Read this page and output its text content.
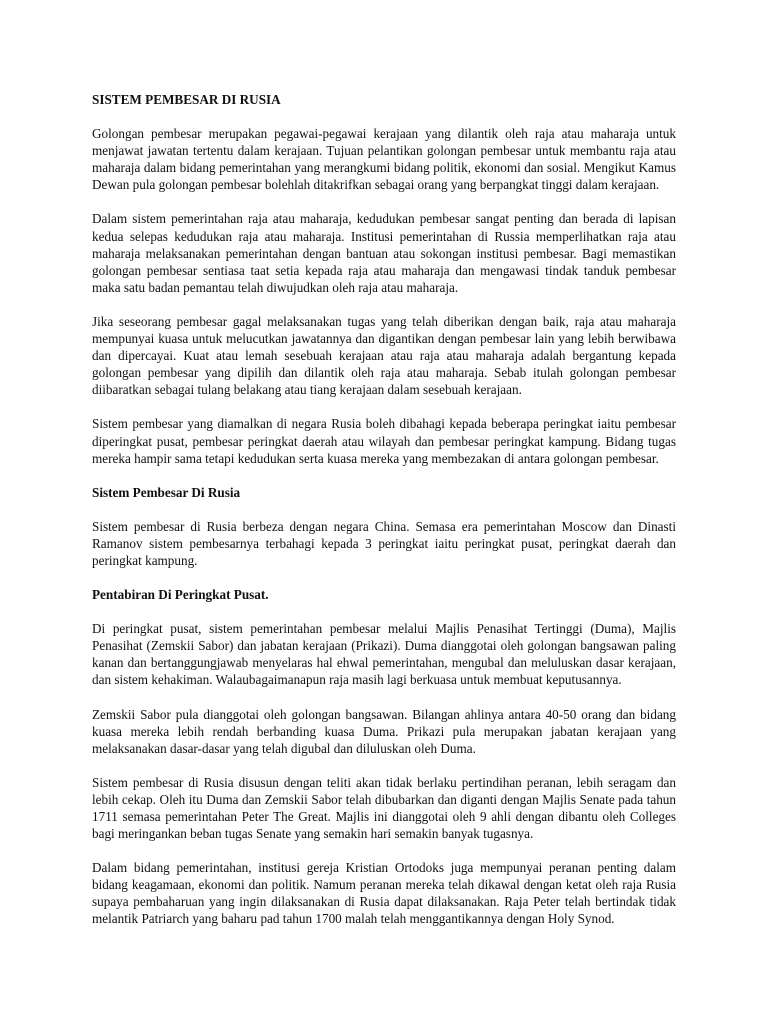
SISTEM PEMBESAR DI RUSIA

Golongan pembesar merupakan pegawai-pegawai kerajaan yang dilantik oleh raja atau maharaja untuk menjawat jawatan tertentu dalam kerajaan. Tujuan pelantikan golongan pembesar untuk membantu raja atau maharaja dalam bidang pemerintahan yang merangkumi bidang politik, ekonomi dan sosial. Mengikut Kamus Dewan pula golongan pembesar bolehlah ditakrifkan sebagai orang yang berpangkat tinggi dalam kerajaan.

Dalam sistem pemerintahan raja atau maharaja, kedudukan pembesar sangat penting dan berada di lapisan kedua selepas kedudukan raja atau maharaja. Institusi pemerintahan di Russia memperlihatkan raja atau maharaja melaksanakan pemerintahan dengan bantuan atau sokongan institusi pembesar. Bagi memastikan golongan pembesar sentiasa taat setia kepada raja atau maharaja dan mengawasi tindak tanduk pembesar maka satu badan pemantau telah diwujudkan oleh raja atau maharaja.

Jika seseorang pembesar gagal melaksanakan tugas yang telah diberikan dengan baik, raja atau maharaja mempunyai kuasa untuk melucutkan jawatannya dan digantikan dengan pembesar lain yang lebih berwibawa dan dipercayai. Kuat atau lemah sesebuah kerajaan atau raja atau maharaja adalah bergantung kepada golongan pembesar yang dipilih dan dilantik oleh raja atau maharaja. Sebab itulah golongan pembesar diibaratkan sebagai tulang belakang atau tiang kerajaan dalam sesebuah kerajaan.

Sistem pembesar yang diamalkan di negara Rusia boleh dibahagi kepada beberapa peringkat iaitu pembesar diperingkat pusat, pembesar peringkat daerah atau wilayah dan pembesar peringkat kampung. Bidang tugas mereka hampir sama tetapi kedudukan serta kuasa mereka yang membezakan di antara golongan pembesar.

Sistem Pembesar Di Rusia

Sistem pembesar di Rusia berbeza dengan negara China. Semasa era pemerintahan Moscow dan Dinasti Ramanov sistem pembesarnya terbahagi kepada 3 peringkat iaitu peringkat pusat, peringkat daerah dan peringkat kampung.

Pentabiran Di Peringkat Pusat.

Di peringkat pusat, sistem pemerintahan pembesar melalui Majlis Penasihat Tertinggi (Duma), Majlis Penasihat (Zemskii Sabor) dan jabatan kerajaan (Prikazi). Duma dianggotai oleh golongan bangsawan paling kanan dan bertanggungjawab menyelaras hal ehwal pemerintahan, mengubal dan meluluskan dasar kerajaan, dan sistem kehakiman. Walaubagaimanapun raja masih lagi berkuasa untuk membuat keputusannya.

Zemskii Sabor pula dianggotai oleh golongan bangsawan. Bilangan ahlinya antara 40-50 orang dan bidang kuasa mereka lebih rendah berbanding kuasa Duma. Prikazi pula merupakan jabatan kerajaan yang melaksanakan dasar-dasar yang telah digubal dan diluluskan oleh Duma.

Sistem pembesar di Rusia disusun dengan teliti akan tidak berlaku pertindihan peranan, lebih seragam dan lebih cekap. Oleh itu Duma dan Zemskii Sabor telah dibubarkan dan diganti dengan Majlis Senate pada tahun 1711 semasa pemerintahan Peter The Great. Majlis ini dianggotai oleh 9 ahli dengan dibantu oleh Colleges bagi meringankan beban tugas Senate yang semakin hari semakin banyak tugasnya.

Dalam bidang pemerintahan, institusi gereja Kristian Ortodoks juga mempunyai peranan penting dalam bidang keagamaan, ekonomi dan politik. Namum peranan mereka telah dikawal dengan ketat oleh raja Rusia supaya pembaharuan yang ingin dilaksanakan di Rusia dapat dilaksanakan. Raja Peter telah bertindak tidak melantik Patriarch yang baharu pad tahun 1700 malah telah menggantikannya dengan Holy Synod.
